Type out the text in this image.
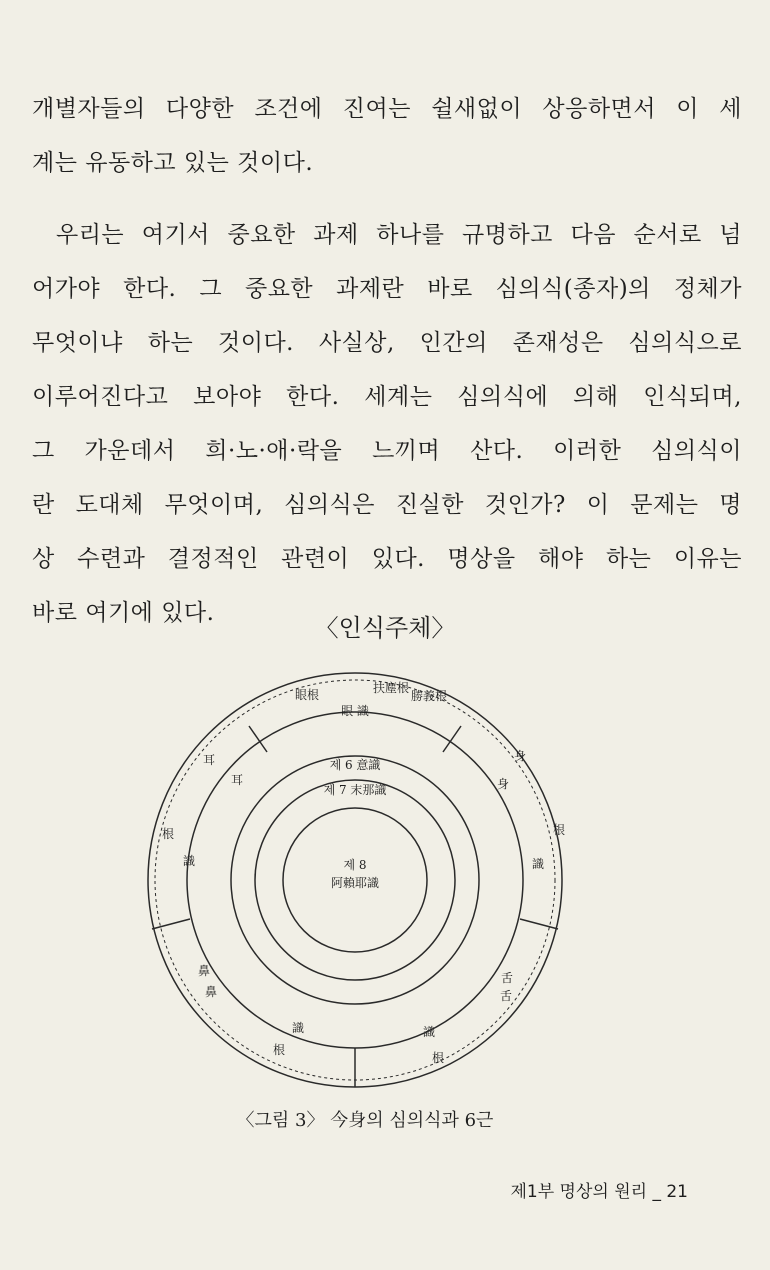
개별자들의 다양한 조건에 진여는 쉴새없이 상응하면서 이 세
계는 유동하고 있는 것이다.
우리는 여기서 중요한 과제 하나를 규명하고 다음 순서로 넘
어가야 한다. 그 중요한 과제란 바로 심의식(종자)의 정체가
무엇이냐 하는 것이다. 사실상, 인간의 존재성은 심의식으로
이루어진다고 보아야 한다. 세계는 심의식에 의해 인식되며,
그 가운데서 희·노·애·락을 느끼며 산다. 이러한 심의식이
란 도대체 무엇이며, 심의식은 진실한 것인가? 이 문제는 명
상 수련과 결정적인 관련이 있다. 명상을 해야 하는 이유는
바로 여기에 있다.
〈인식주체〉
眼根	扶塵根
勝義根
耳
根
身
根
鼻
根
舌
根
眼 識
耳
識
身
識
鼻
識
舌
識
제 6 意識
제 7 末那識
제 8
阿賴耶識
〈그림 3〉 今身의 심의식과 6근
제1부 명상의 원리 _ 21
